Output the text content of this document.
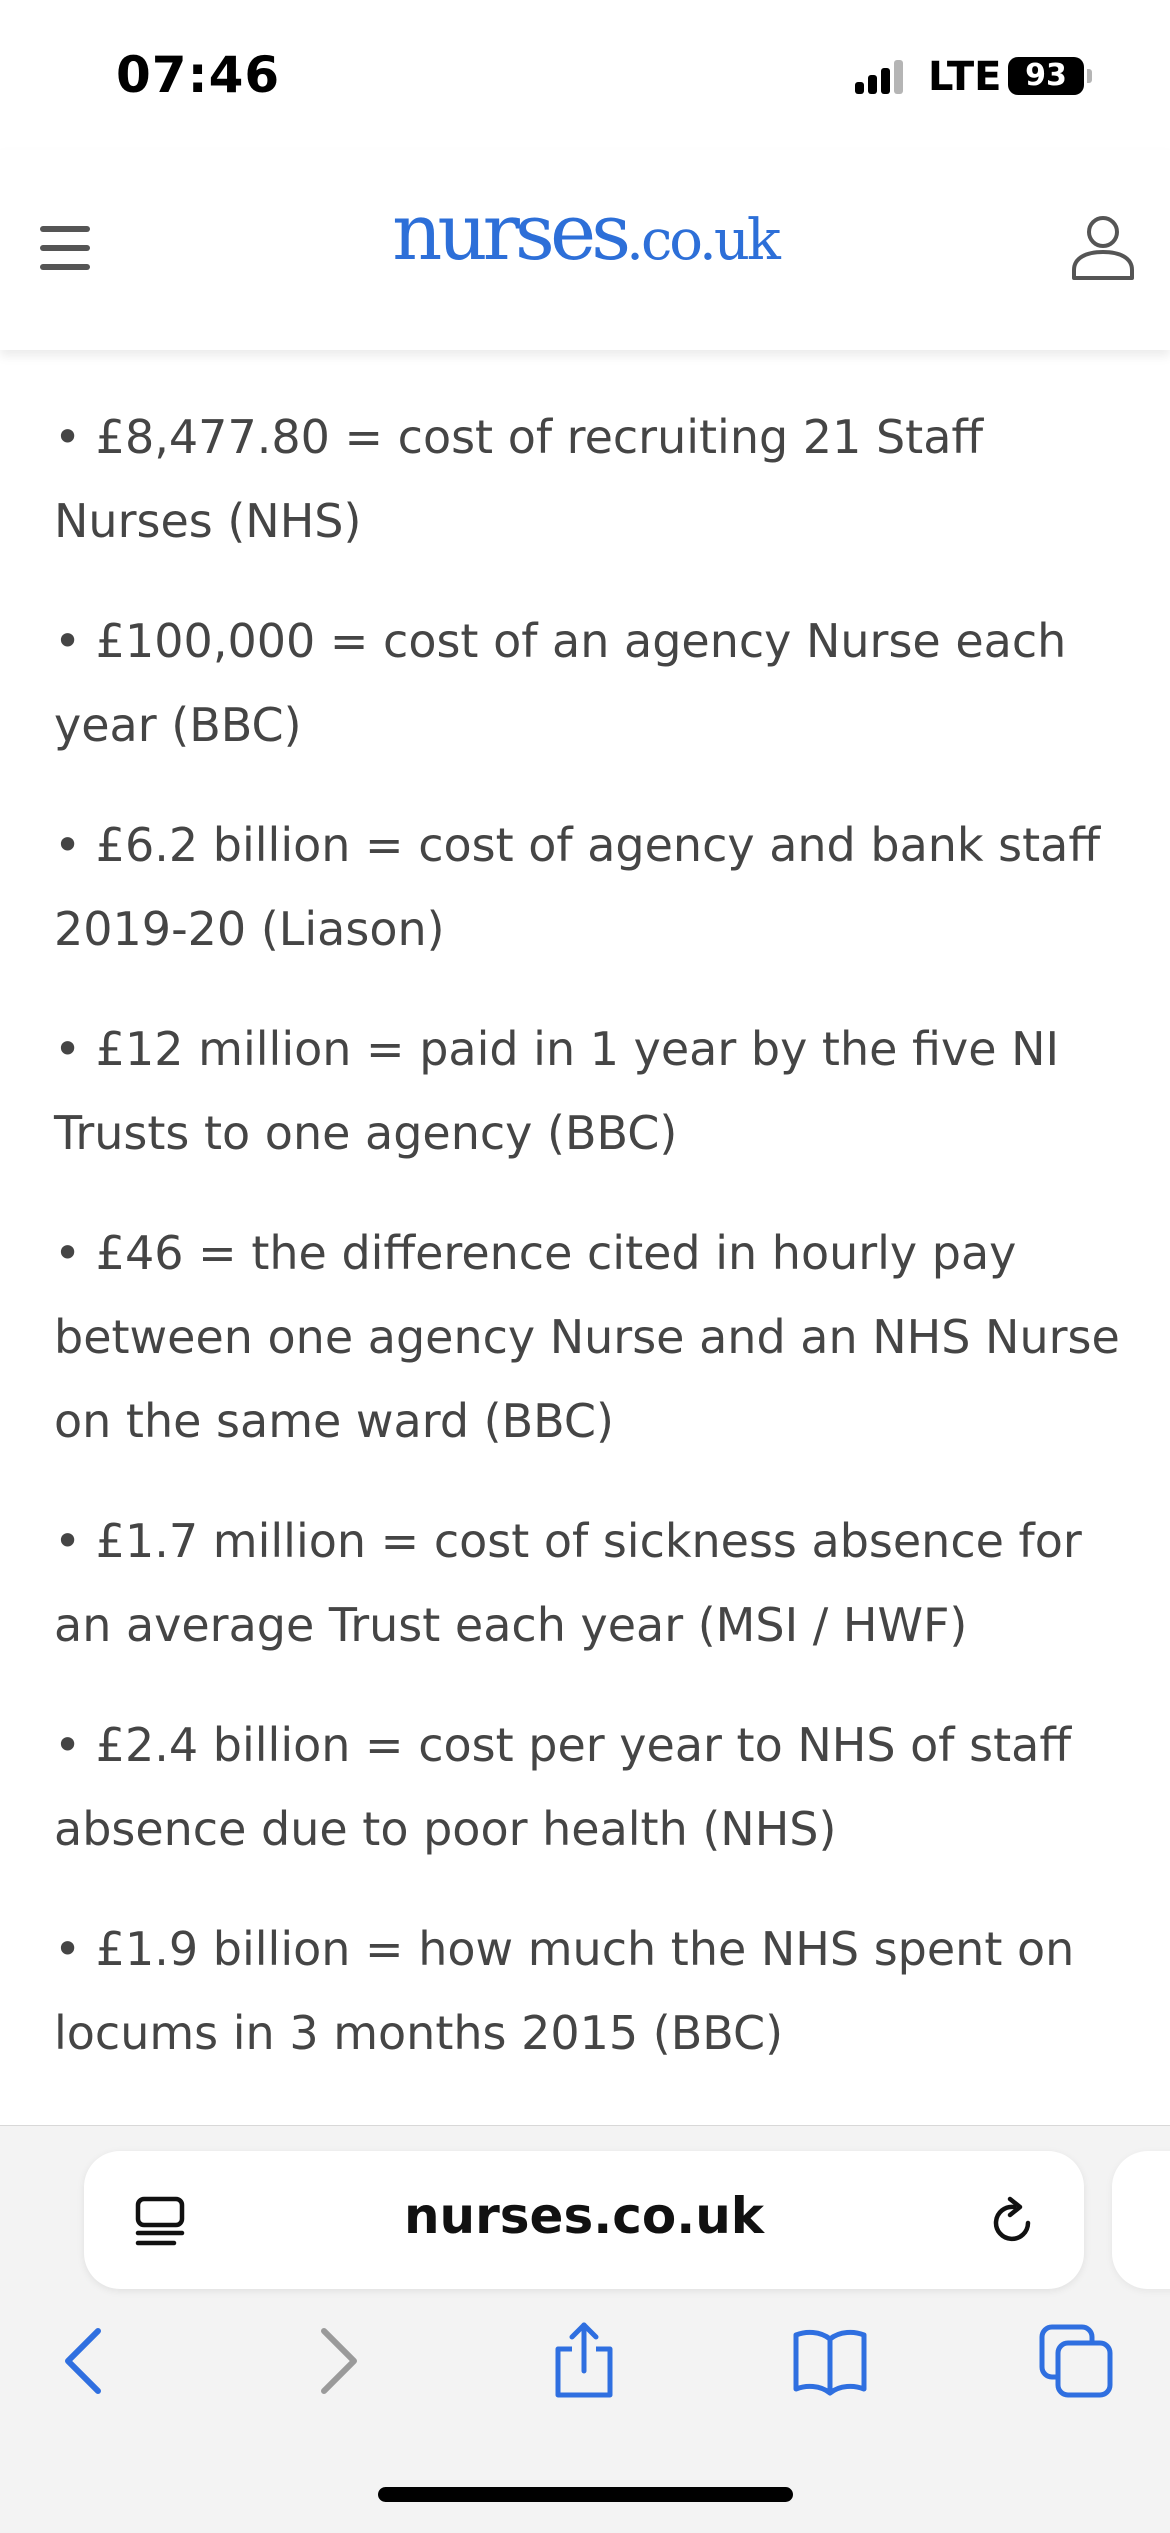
07:46	LTE 93
nurses.co.uk

• £8,477.80 = cost of recruiting 21 Staff Nurses (NHS)

• £100,000 = cost of an agency Nurse each year (BBC)

• £6.2 billion = cost of agency and bank staff 2019-20 (Liason)

• £12 million = paid in 1 year by the five NI Trusts to one agency (BBC)

• £46 = the difference cited in hourly pay between one agency Nurse and an NHS Nurse on the same ward (BBC)

• £1.7 million = cost of sickness absence for an average Trust each year (MSI / HWF)

• £2.4 billion = cost per year to NHS of staff absence due to poor health (NHS)

• £1.9 billion = how much the NHS spent on locums in 3 months 2015 (BBC)

nurses.co.uk
